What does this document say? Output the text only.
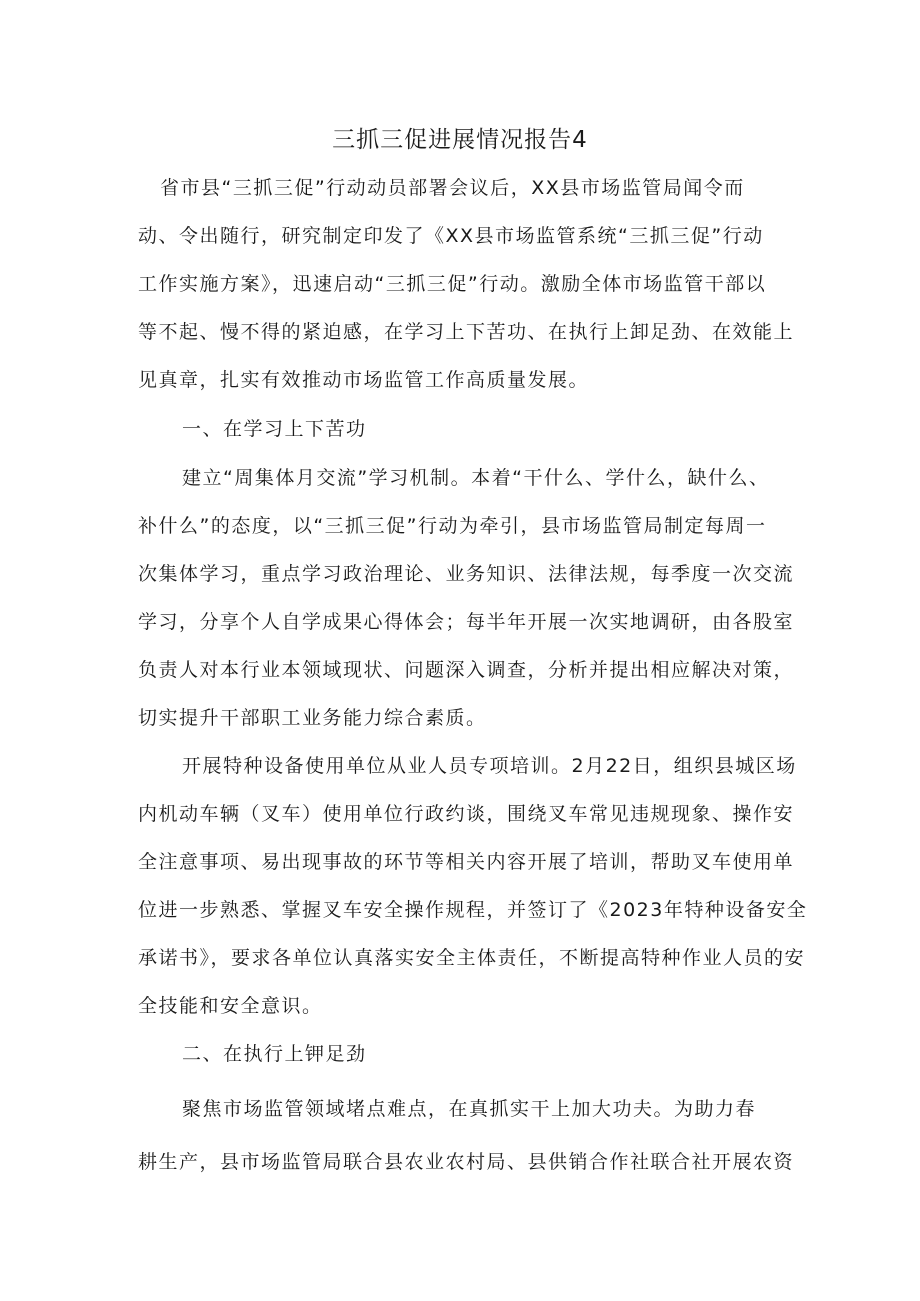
三抓三促进展情况报告4
省市县“三抓三促”行动动员部署会议后，XX县市场监管局闻令而
动、令出随行，研究制定印发了《XX县市场监管系统“三抓三促”行动
工作实施方案》，迅速启动“三抓三促”行动。激励全体市场监管干部以
等不起、慢不得的紧迫感，在学习上下苦功、在执行上卸足劲、在效能上
见真章，扎实有效推动市场监管工作高质量发展。
一、在学习上下苦功
建立“周集体月交流”学习机制。本着“干什么、学什么，缺什么、
补什么”的态度，以“三抓三促”行动为牵引，县市场监管局制定每周一
次集体学习，重点学习政治理论、业务知识、法律法规，每季度一次交流
学习，分享个人自学成果心得体会；每半年开展一次实地调研，由各股室
负责人对本行业本领域现状、问题深入调查，分析并提出相应解决对策，
切实提升干部职工业务能力综合素质。
开展特种设备使用单位从业人员专项培训。2月22日，组织县城区场
内机动车辆（叉车）使用单位行政约谈，围绕叉车常见违规现象、操作安
全注意事项、易出现事故的环节等相关内容开展了培训，帮助叉车使用单
位进一步熟悉、掌握叉车安全操作规程，并签订了《2023年特种设备安全
承诺书》，要求各单位认真落实安全主体责任，不断提高特种作业人员的安
全技能和安全意识。
二、在执行上钾足劲
聚焦市场监管领域堵点难点，在真抓实干上加大功夫。为助力春
耕生产，县市场监管局联合县农业农村局、县供销合作社联合社开展农资
